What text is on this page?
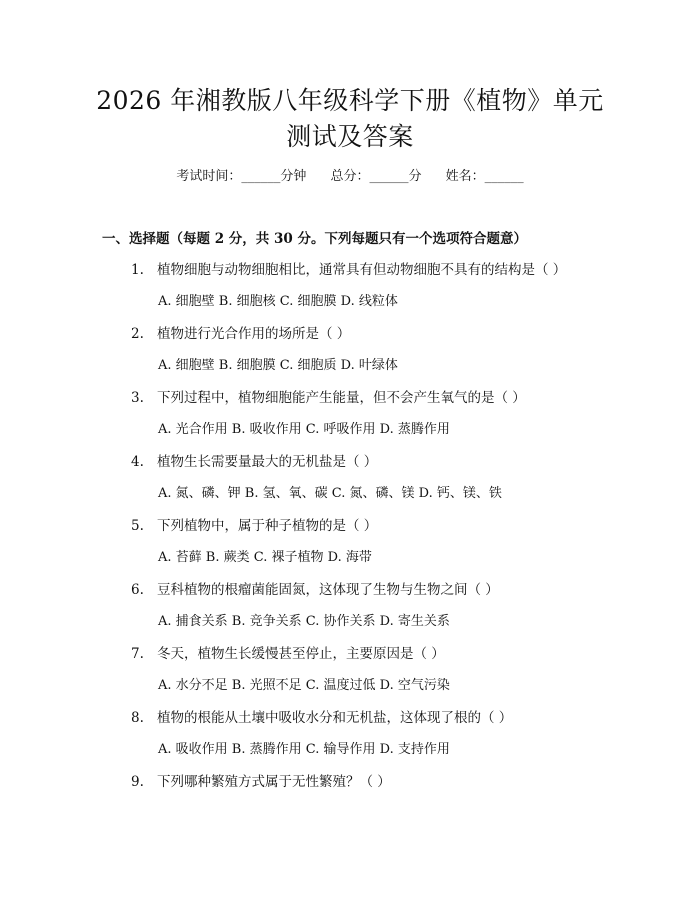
2026 年湘教版八年级科学下册《植物》单元
测试及答案
考试时间：______分钟 总分：______分 姓名：______
一、选择题（每题 2 分，共 30 分。下列每题只有一个选项符合题意）
1. 植物细胞与动物细胞相比，通常具有但动物细胞不具有的结构是（ ）
A. 细胞壁 B. 细胞核 C. 细胞膜 D. 线粒体
2. 植物进行光合作用的场所是（ ）
A. 细胞壁 B. 细胞膜 C. 细胞质 D. 叶绿体
3. 下列过程中，植物细胞能产生能量，但不会产生氧气的是（ ）
A. 光合作用 B. 吸收作用 C. 呼吸作用 D. 蒸腾作用
4. 植物生长需要量最大的无机盐是（ ）
A. 氮、磷、钾 B. 氢、氧、碳 C. 氮、磷、镁 D. 钙、镁、铁
5. 下列植物中，属于种子植物的是（ ）
A. 苔藓 B. 蕨类 C. 裸子植物 D. 海带
6. 豆科植物的根瘤菌能固氮，这体现了生物与生物之间（ ）
A. 捕食关系 B. 竞争关系 C. 协作关系 D. 寄生关系
7. 冬天，植物生长缓慢甚至停止，主要原因是（ ）
A. 水分不足 B. 光照不足 C. 温度过低 D. 空气污染
8. 植物的根能从土壤中吸收水分和无机盐，这体现了根的（ ）
A. 吸收作用 B. 蒸腾作用 C. 输导作用 D. 支持作用
9. 下列哪种繁殖方式属于无性繁殖？（ ）
